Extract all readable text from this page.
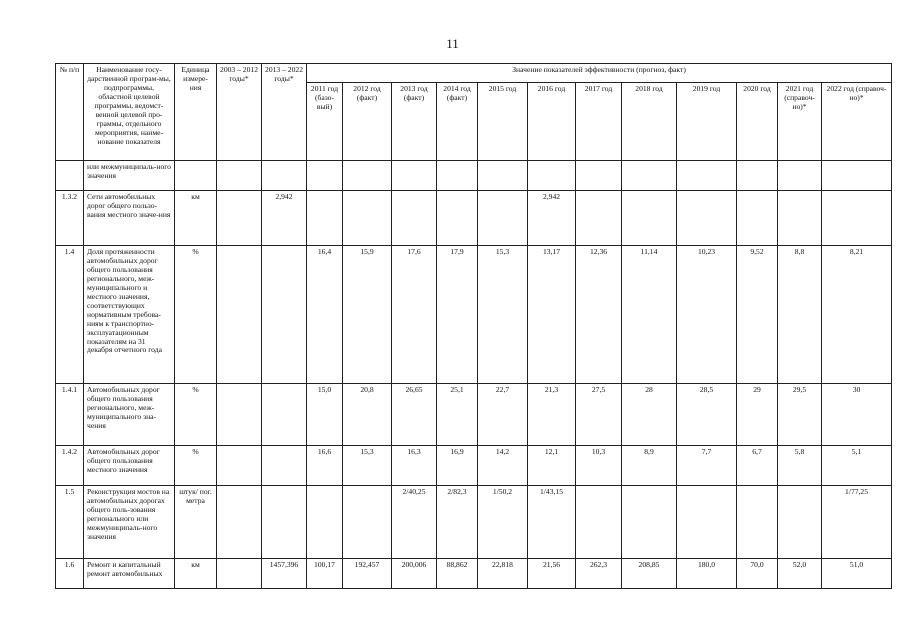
11
№ п/п	Наименование госу-дарственной програм-мы, подпрограммы, областной целевой программы, ведомст-венной целевой про-граммы, отдельного мероприятия, наиме-нование показателя	Единица измере-ния	2003 – 2012 годы*	2013 – 2022 годы*	Значение показателей эффективности (прогноз, факт)											
					2011 год (базо-вый)	2012 год (факт)	2013 год (факт)	2014 год (факт)	2015 год	2016 год	2017 год	2018 год	2019 год	2020 год	2021 год (справоч-но)*	2022 год (справоч-но)*
	или межмуниципаль-ного значения															
1.3.2	Сети автомобильных дорог общего пользо-вания местного значе-ния	км		2,942						2,942						
1.4	Доля протяженности автомобильных дорог общего пользования регионального, меж-муниципального и местного значения, соответствующих нормативным требова-ниям к транспортно-эксплуатационным показателям на 31 декабря отчетного года	%			16,4	15,9	17,6	17,9	15,3	13,17	12,36	11,14	10,23	9,52	8,8	8,21
1.4.1	Автомобильных дорог общего пользования регионального, меж-муниципального зна-чения	%			15,0	20,8	26,65	25,1	22,7	21,3	27,5	28	28,5	29	29,5	30
1.4.2	Автомобильных дорог общего пользования местного значения	%			16,6	15,3	16,3	16,9	14,2	12,1	10,3	8,9	7,7	6,7	5,8	5,1
1.5	Реконструкция мостов на автомобильных дорогах общего поль-зования регионального или межмуниципаль-ного значения	штук/ пог. метра					2/40,25	2/82,3	1/50,2	1/43,15						1/77,25
1.6	Ремонт и капитальный ремонт автомобильных	км		1457,396	100,17	192,457	200,006	88,862	22,818	21,56	262,3	208,85	180,0	70,0	52,0	51,0
